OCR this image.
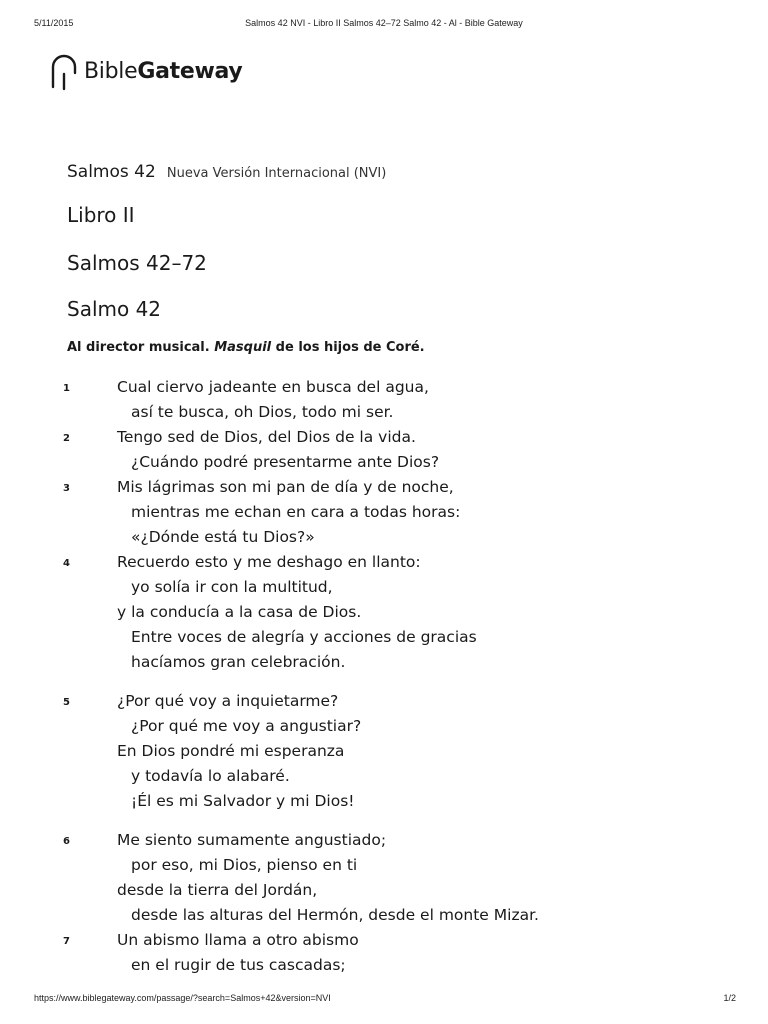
5/11/2015	Salmos 42 NVI - Libro II Salmos 42–72 Salmo 42 - Al - Bible Gateway
BibleGateway
Salmos 42 Nueva Versión Internacional (NVI)
Libro II
Salmos 42–72
Salmo 42
Al director musical. Masquil de los hijos de Coré.
1	Cual ciervo jadeante en busca del agua,
así te busca, oh Dios, todo mi ser.
2	Tengo sed de Dios, del Dios de la vida.
¿Cuándo podré presentarme ante Dios?
3	Mis lágrimas son mi pan de día y de noche,
mientras me echan en cara a todas horas:
«¿Dónde está tu Dios?»
4	Recuerdo esto y me deshago en llanto:
yo solía ir con la multitud,
y la conducía a la casa de Dios.
Entre voces de alegría y acciones de gracias
hacíamos gran celebración.
5	¿Por qué voy a inquietarme?
¿Por qué me voy a angustiar?
En Dios pondré mi esperanza
y todavía lo alabaré.
¡Él es mi Salvador y mi Dios!
6	Me siento sumamente angustiado;
por eso, mi Dios, pienso en ti
desde la tierra del Jordán,
desde las alturas del Hermón, desde el monte Mizar.
7	Un abismo llama a otro abismo
en el rugir de tus cascadas;
https://www.biblegateway.com/passage/?search=Salmos+42&version=NVI	1/2
